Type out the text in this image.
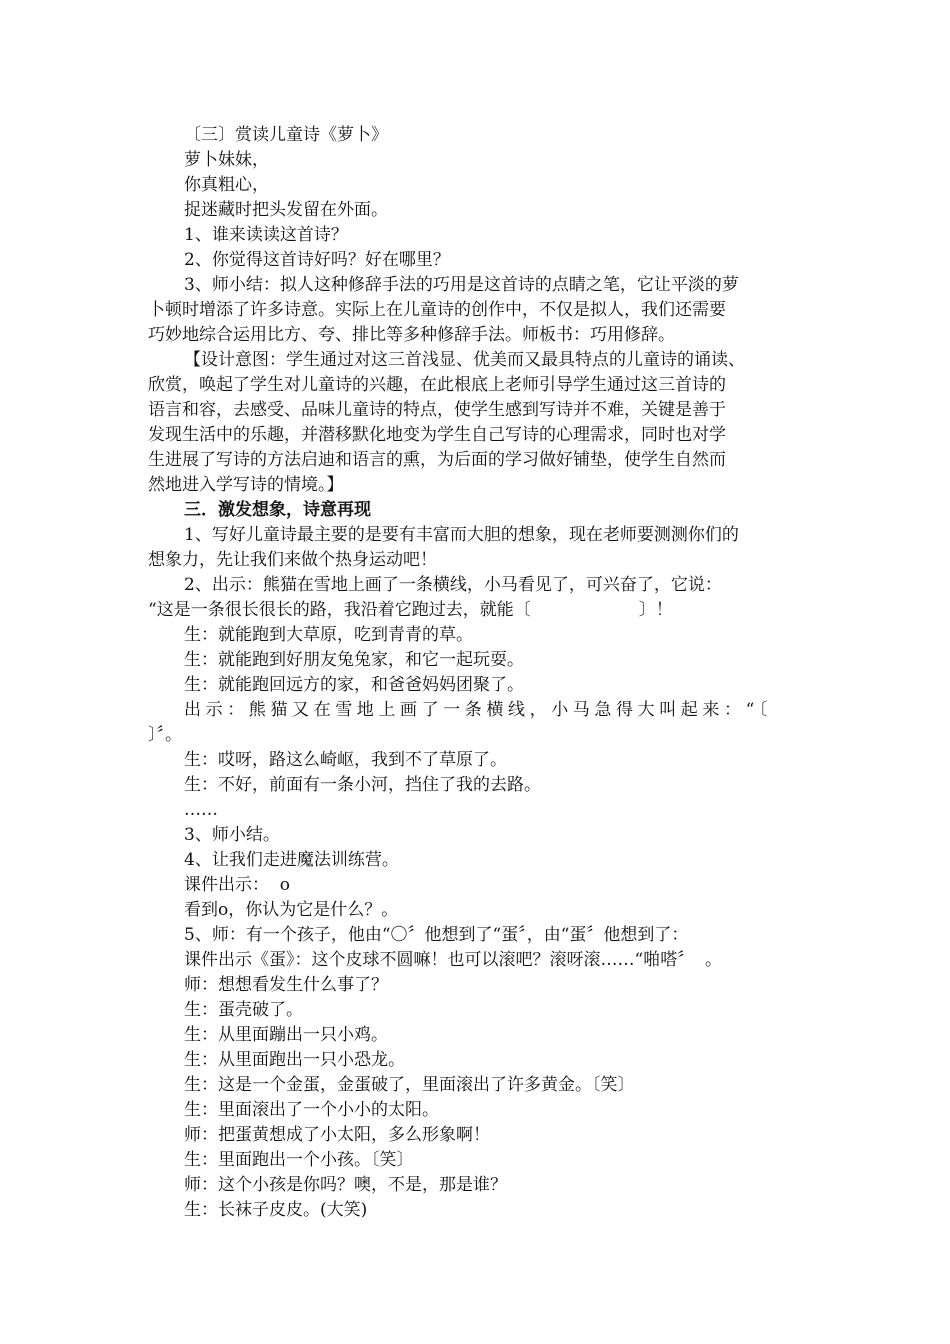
〔三〕赏读儿童诗《萝卜》
萝卜妹妹，
你真粗心，
捉迷藏时把头发留在外面。
1、谁来读读这首诗？
2、你觉得这首诗好吗？好在哪里？
3、师小结：拟人这种修辞手法的巧用是这首诗的点睛之笔，它让平淡的萝
卜顿时增添了许多诗意。实际上在儿童诗的创作中，不仅是拟人，我们还需要
巧妙地综合运用比方、夸、排比等多种修辞手法。师板书：巧用修辞。
【设计意图：学生通过对这三首浅显、优美而又最具特点的儿童诗的诵读、
欣赏，唤起了学生对儿童诗的兴趣，在此根底上老师引导学生通过这三首诗的
语言和容，去感受、品味儿童诗的特点，使学生感到写诗并不难，关键是善于
发现生活中的乐趣，并潜移默化地变为学生自己写诗的心理需求，同时也对学
生进展了写诗的方法启迪和语言的熏，为后面的学习做好铺垫，使学生自然而
然地进入学写诗的情境。】
三．激发想象，诗意再现
1、写好儿童诗最主要的是要有丰富而大胆的想象，现在老师要测测你们的
想象力，先让我们来做个热身运动吧！
2、出示：熊猫在雪地上画了一条横线，小马看见了，可兴奋了，它说：
“这是一条很长很长的路，我沿着它跑过去，就能〔                    〕！
生：就能跑到大草原，吃到青青的草。
生：就能跑到好朋友兔兔家，和它一起玩耍。
生：就能跑回远方的家，和爸爸妈妈团聚了。
出示：熊猫又在雪地上画了一条横线，小马急得大叫起来：“〔
〕〞。
生：哎呀，路这么崎岖，我到不了草原了。
生：不好，前面有一条小河，挡住了我的去路。
……
3、师小结。
4、让我们走进魔法训练营。
课件出示：  o
看到o，你认为它是什么？。
5、师：有一个孩子，他由“〇〞他想到了“蛋〞，由“蛋〞他想到了：
课件出示《蛋》：这个皮球不圆嘛！也可以滚吧？滚呀滚……“啪嗒〞  。
师：想想看发生什么事了？
生：蛋壳破了。
生：从里面蹦出一只小鸡。
生：从里面跑出一只小恐龙。
生：这是一个金蛋，金蛋破了，里面滚出了许多黄金。〔笑〕
生：里面滚出了一个小小的太阳。
师：把蛋黄想成了小太阳，多么形象啊！
生：里面跑出一个小孩。〔笑〕
师：这个小孩是你吗？噢，不是，那是谁？
生：长袜子皮皮。(大笑)
